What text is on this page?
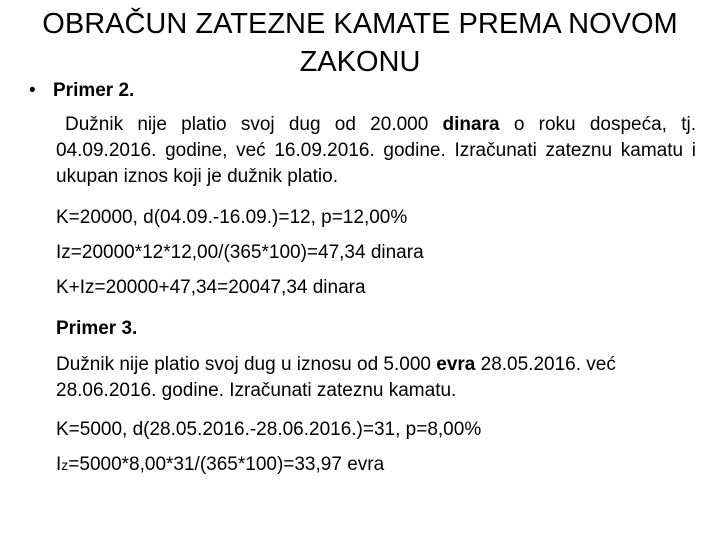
OBRAČUN ZATEZNE KAMATE PREMA NOVOM
ZAKONU
• Primer 2.
Dužnik nije platio svoj dug od 20.000 dinara o roku dospeća, tj. 04.09.2016. godine, već 16.09.2016. godine. Izračunati zateznu kamatu i ukupan iznos koji je dužnik platio.
K=20000, d(04.09.-16.09.)=12, p=12,00%
Iz=20000*12*12,00/(365*100)=47,34 dinara
K+Iz=20000+47,34=20047,34 dinara
Primer 3.
Dužnik nije platio svoj dug u iznosu od 5.000 evra 28.05.2016. već 28.06.2016. godine. Izračunati zateznu kamatu.
K=5000, d(28.05.2016.-28.06.2016.)=31, p=8,00%
Iz=5000*8,00*31/(365*100)=33,97 evra
